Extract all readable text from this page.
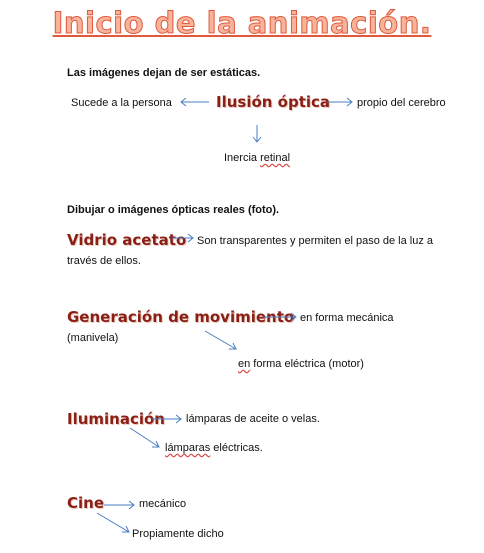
Inicio de la animación.
Las imágenes dejan de ser estáticas.
Sucede a la persona	Ilusión óptica propio del cerebro
Inercia retinal
Dibujar o imágenes ópticas reales (foto).
Vidrio acetato Son transparentes y permiten el paso de la luz a
través de ellos.
Generación de movimiento en forma mecánica
(manivela)
en forma eléctrica (motor)
Iluminación lámparas de aceite o velas.
lámparas eléctricas.
Cine	mecánico
Propiamente dicho
